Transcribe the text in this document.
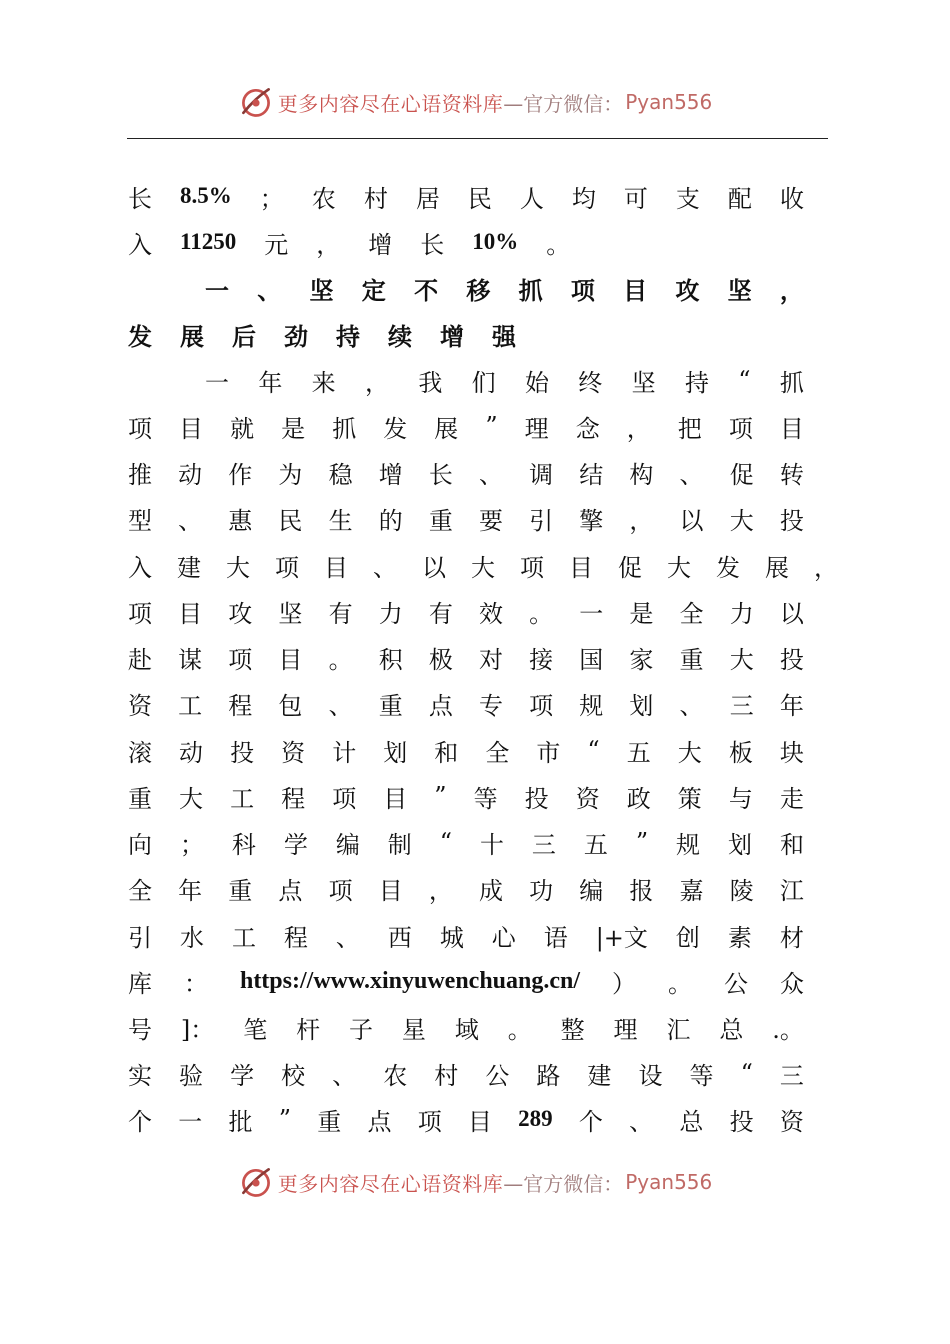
更多内容尽在心语资料库 —官方微信： Pyan556
长 8.5% ； 农 村 居 民 人 均 可 支 配 收
入 11250 元 ， 增 长 10% 。
一 、 坚 定 不 移 抓 项 目 攻 坚 ，
发 展 后 劲 持 续 增 强
一 年 来 ， 我 们 始 终 坚 持 “ 抓
项 目 就 是 抓 发 展 ” 理 念 ， 把 项 目
推 动 作 为 稳 增 长 、 调 结 构 、 促 转
型 、 惠 民 生 的 重 要 引 擎 ， 以 大 投
入 建 大 项 目 、 以 大 项 目 促 大 发 展 ，
项 目 攻 坚 有 力 有 效 。 一 是 全 力 以
赴 谋 项 目 。 积 极 对 接 国 家 重 大 投
资 工 程 包 、 重 点 专 项 规 划 、 三 年
滚 动 投 资 计 划 和 全 市 “ 五 大 板 块
重 大 工 程 项 目 ” 等 投 资 政 策 与 走
向 ； 科 学 编 制 “ 十 三 五 ” 规 划 和
全 年 重 点 项 目 ， 成 功 编 报 嘉 陵 江
引 水 工 程 、 西 城 心 语 |+文 创 素 材
库 ： https://www.xinyuwenchuang.cn/ ） 。 公 众
号 ]： 笔 杆 子 星 域 。 整 理 汇 总 .。
实 验 学 校 、 农 村 公 路 建 设 等 “ 三
个 一 批 ” 重 点 项 目 289 个 、 总 投 资
更多内容尽在心语资料库 —官方微信： Pyan556
